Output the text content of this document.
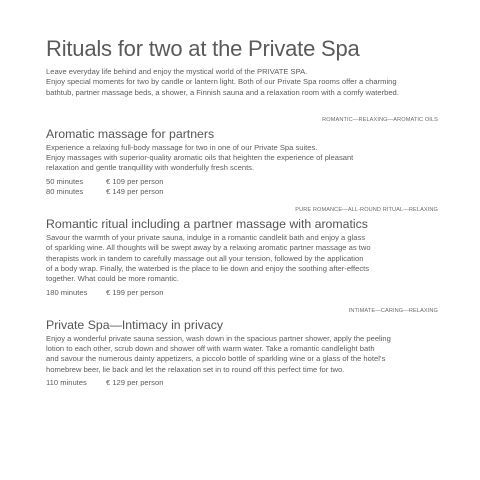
Rituals for two at the Private Spa

Leave everyday life behind and enjoy the mystical world of the PRIVATE SPA.

Enjoy special moments for two by candle or lantern light. Both of our Private Spa rooms offer a charming

bathtub, partner massage beds, a shower, a Finnish sauna and a relaxation room with a comfy waterbed.

ROMANTIC—RELAXING—AROMATIC OILS
Aromatic massage for partners

Experience a relaxing full-body massage for two in one of our Private Spa suites.

Enjoy massages with superior-quality aromatic oils that heighten the experience of pleasant

relaxation and gentle tranquillity with wonderfully fresh scents.

50 minutes	€ 109 per person
80 minutes	€ 149 per person
PURE ROMANCE—ALL-ROUND RITUAL—RELAXING
Romantic ritual including a partner massage with aromatics

Savour the warmth of your private sauna, indulge in a romantic candlelit bath and enjoy a glass

of sparkling wine. All thoughts will be swept away by a relaxing aromatic partner massage as two

therapists work in tandem to carefully massage out all your tension, followed by the application

of a body wrap. Finally, the waterbed is the place to lie down and enjoy the soothing after-effects

together. What could be more romantic.

180 minutes	€ 199 per person
INTIMATE—CARING—RELAXING
Private Spa—Intimacy in privacy

Enjoy a wonderful private sauna session, wash down in the spacious partner shower, apply the peeling

lotion to each other, scrub down and shower off with warm water. Take a romantic candlelight bath

and savour the numerous dainty appetizers, a piccolo bottle of sparkling wine or a glass of the hotel’s

homebrew beer, lie back and let the relaxation set in to round off this perfect time for two.

110 minutes	€ 129 per person
